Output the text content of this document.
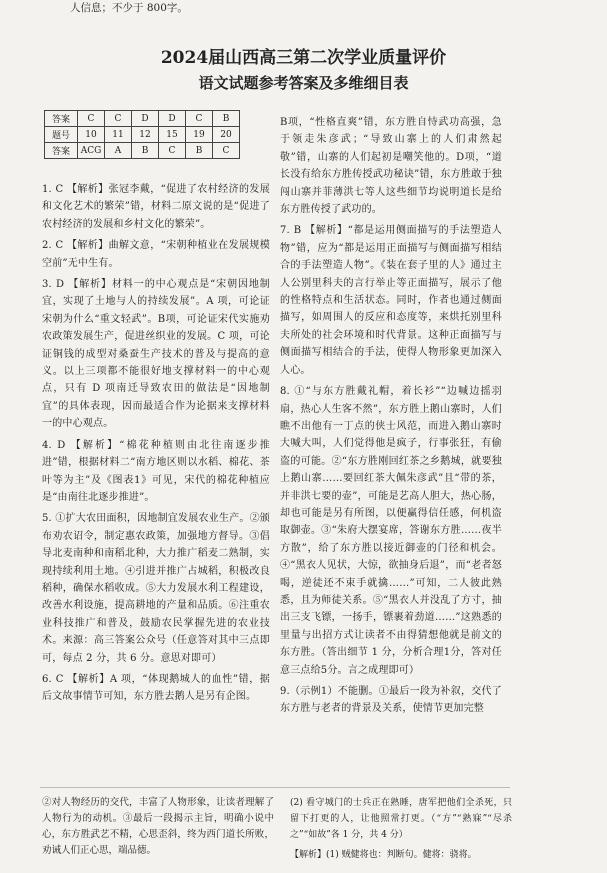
人信息；不少于 800字。
2024届山西高三第二次学业质量评价
语文试题参考答案及多维细目表
答案	C	C	D	D	C	B
题号	10	11	12	15	19	20
答案	ACG	A	B	C	B	C

1. C 【解析】张冠李戴，“促进了农村经济的发展和文化艺术的繁荣”错，材料二原文说的是“促进了农村经济的发展和乡村文化的繁荣”。

2. C 【解析】曲解文意，“宋朝种植业在发展规模空前”无中生有。

3. D 【解析】材料一的中心观点是“宋朝因地制宜，实现了土地与人的持续发展”。A 项，可论证宋朝为什么“重文轻武”。B项，可论证宋代实施劝农政策发展生产，促进丝织业的发展。C 项，可论证铜钱的成型对桑蚕生产技术的普及与提高的意义。以上三项都不能很好地支撑材料一的中心观点，只有 D 项南迁导致农田的做法是“因地制宜”的具体表现，因而最适合作为论据来支撑材料一的中心观点。

4. D 【解析】“棉花种植则由北往南逐步推进”错，根据材料二“南方地区则以水稻、棉花、茶叶等为主”及《图表1》可见，宋代的棉花种植应是“由南往北逐步推进”。

5. ①扩大农田面积，因地制宜发展农业生产。②颁布劝农诏令，制定惠农政策，加强地方督导。③倡导北麦南种和南稻北种，大力推广稻麦二熟制，实现持续利用土地。④引进并推广占城稻，积极改良稻种，确保水稻收成。⑤大力发展水利工程建设，改善水利设施，提高耕地的产量和品质。⑥注重农业科技推广和普及，鼓励农民掌握先进的农业技术。来源：高三答案公众号（任意答对其中三点即可，每点 2 分，共 6 分。意思对即可）

6. C 【解析】A 项，“体现鹅城人的血性”错，据后文故事情节可知，东方胜去鹅人是另有企图。

B项，“性格直爽”错，东方胜自恃武功高强，急于领走朱彦武；“导致山寨上的人们肃然起敬”错，山寨的人们起初是嘲笑他的。D项，“道长没有给东方胜传授武功秘诀”错，东方胜敢于独闯山寨并菲薄洪七等人这些细节均说明道长是给东方胜传授了武功的。

7. B 【解析】“都是运用侧面描写的手法塑造人物”错，应为“都是运用正面描写与侧面描写相结合的手法塑造人物”。《装在套子里的人》通过主人公别里科夫的言行举止等正面描写，展示了他的性格特点和生活状态。同时，作者也通过侧面描写，如周围人的反应和态度等，来烘托别里科夫所处的社会环境和时代背景。这种正面描写与侧面描写相结合的手法，使得人物形象更加深入人心。

8. ①“与东方胜戴礼帽，着长衫”“边喊边摇羽扇，热心人生客不然”，东方胜上鹅山寨时，人们瞧不出他有一丁点的侠士风范，而进入鹅山寨时大喊大叫，人们觉得他是疯子，行事张狂，有偷盗的可能。②“东方胜刚回红茶之乡鹅城，就要独上鹅山寨……要回红茶大佩朱彦武”且“带的茶，并非洪七要的壶”，可能是艺高人胆大，热心肠，却也可能是另有所图，以便赢得信任感，何机盗取御壶。③“朱府大摆宴席，答谢东方胜……夜半方散”，给了东方胜以接近御壶的门径和机会。④“黑衣人见状，大惊，欲抽身后退”，而“老者怒喝，逆徒还不束手就擒……”可知，二人彼此熟悉，且为师徒关系。⑤“黑衣人并没乱了方寸，抽出三支飞镖，一扬手，镖裹着劲道……”这熟悉的里量与出招方式让读者不由得猜想他就是前文的东方胜。（答出细节 1 分，分析合理1分，答对任意三点给5分。言之成理即可）

9.（示例1）不能删。①最后一段为补叙，交代了东方胜与老者的背景及关系，使情节更加完整

②对人物经历的交代，丰富了人物形象，让读者理解了人物行为的动机。③最后一段揭示主旨，明确小说中心，东方胜武艺不精，心思歪斜，终为西门道长所败，劝诫人们正心思，端品德。

(2) 看守城门的士兵正在熟睡，唐军把他们全杀死，只留下打更的人，让他照常打更。（“方”“熟寐”“尽杀之”“如故”各 1 分，共 4 分）

【解析】(1) 贼健将也：判断句。健将：骁将。
